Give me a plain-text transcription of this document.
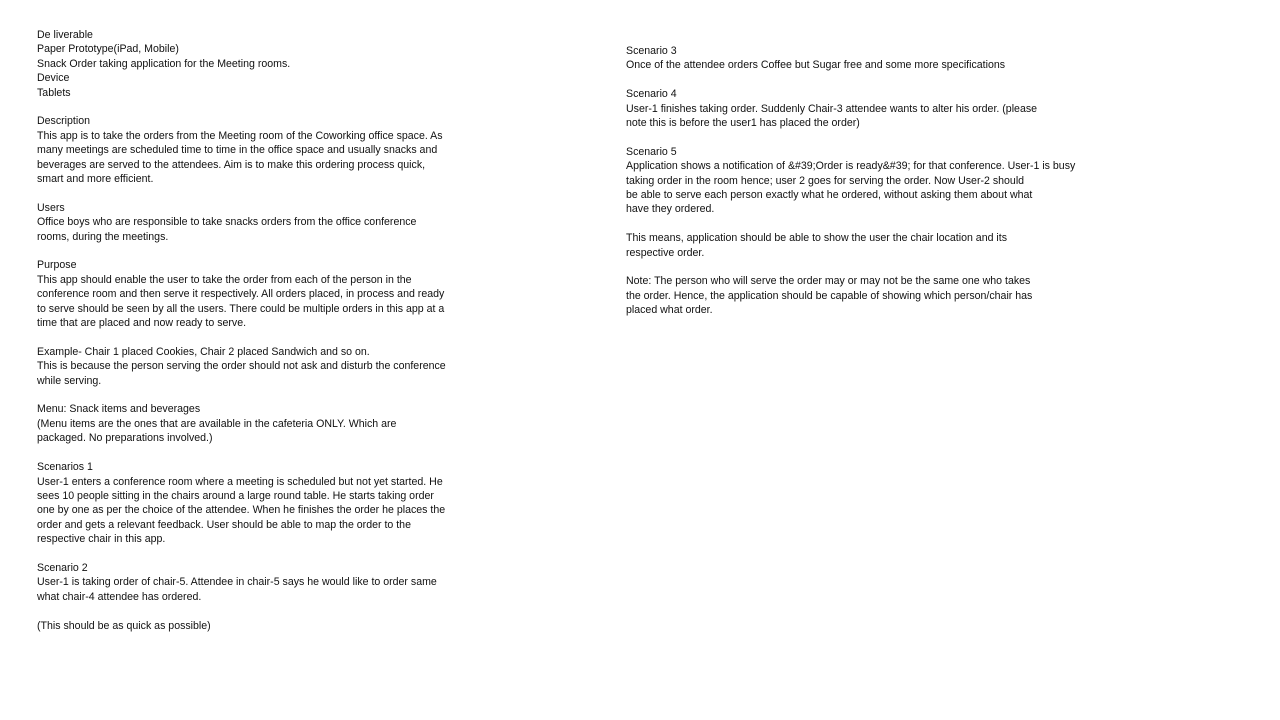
De liverable
Paper Prototype(iPad, Mobile)
Snack Order taking application for the Meeting rooms.
Device
Tablets
Description
This app is to take the orders from the Meeting room of the Coworking office space. As
many meetings are scheduled time to time in the office space and usually snacks and
beverages are served to the attendees. Aim is to make this ordering process quick,
smart and more efficient.
Users
Office boys who are responsible to take snacks orders from the office conference
rooms, during the meetings.
Purpose
This app should enable the user to take the order from each of the person in the
conference room and then serve it respectively. All orders placed, in process and ready
to serve should be seen by all the users. There could be multiple orders in this app at a
time that are placed and now ready to serve.
Example- Chair 1 placed Cookies, Chair 2 placed Sandwich and so on.
This is because the person serving the order should not ask and disturb the conference
while serving.
Menu: Snack items and beverages
(Menu items are the ones that are available in the cafeteria ONLY. Which are
packaged. No preparations involved.)
Scenarios 1
User-1 enters a conference room where a meeting is scheduled but not yet started. He
sees 10 people sitting in the chairs around a large round table. He starts taking order
one by one as per the choice of the attendee. When he finishes the order he places the
order and gets a relevant feedback. User should be able to map the order to the
respective chair in this app.
Scenario 2
User-1 is taking order of chair-5. Attendee in chair-5 says he would like to order same
what chair-4 attendee has ordered.
(This should be as quick as possible)
Scenario 3
Once of the attendee orders Coffee but Sugar free and some more specifications
Scenario 4
User-1 finishes taking order. Suddenly Chair-3 attendee wants to alter his order. (please
note this is before the user1 has placed the order)
Scenario 5
Application shows a notification of &#39;Order is ready&#39; for that conference. User-1 is busy
taking order in the room hence; user 2 goes for serving the order. Now User-2 should
be able to serve each person exactly what he ordered, without asking them about what
have they ordered.
This means, application should be able to show the user the chair location and its
respective order.
Note: The person who will serve the order may or may not be the same one who takes
the order. Hence, the application should be capable of showing which person/chair has
placed what order.
